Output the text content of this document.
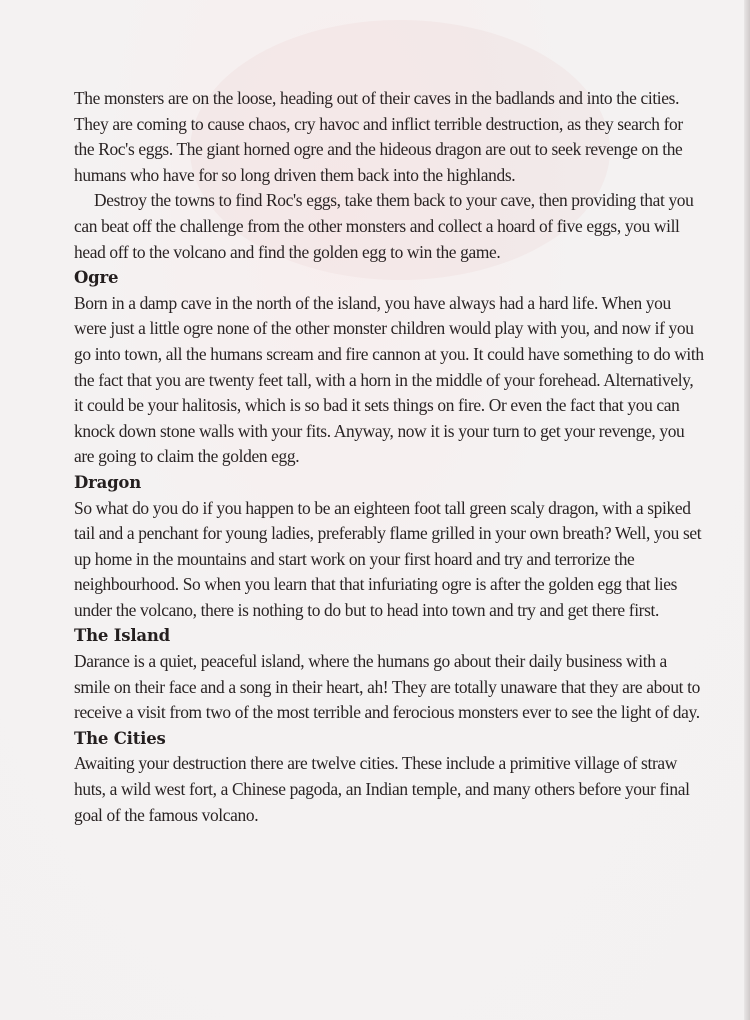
The monsters are on the loose, heading out of their caves in the badlands and into the cities. They are coming to cause chaos, cry havoc and inflict terrible destruction, as they search for the Roc's eggs. The giant horned ogre and the hideous dragon are out to seek revenge on the humans who have for so long driven them back into the highlands.

Destroy the towns to find Roc's eggs, take them back to your cave, then providing that you can beat off the challenge from the other monsters and collect a hoard of five eggs, you will head off to the volcano and find the golden egg to win the game.

Ogre

Born in a damp cave in the north of the island, you have always had a hard life. When you were just a little ogre none of the other monster children would play with you, and now if you go into town, all the humans scream and fire cannon at you. It could have something to do with the fact that you are twenty feet tall, with a horn in the middle of your forehead. Alternatively, it could be your halitosis, which is so bad it sets things on fire. Or even the fact that you can knock down stone walls with your fits. Anyway, now it is your turn to get your revenge, you are going to claim the golden egg.

Dragon

So what do you do if you happen to be an eighteen foot tall green scaly dragon, with a spiked tail and a penchant for young ladies, preferably flame grilled in your own breath? Well, you set up home in the mountains and start work on your first hoard and try and terrorize the neighbourhood. So when you learn that that infuriating ogre is after the golden egg that lies under the volcano, there is nothing to do but to head into town and try and get there first.

The Island

Darance is a quiet, peaceful island, where the humans go about their daily business with a smile on their face and a song in their heart, ah! They are totally unaware that they are about to receive a visit from two of the most terrible and ferocious monsters ever to see the light of day.

The Cities

Awaiting your destruction there are twelve cities. These include a primitive village of straw huts, a wild west fort, a Chinese pagoda, an Indian temple, and many others before your final goal of the famous volcano.
